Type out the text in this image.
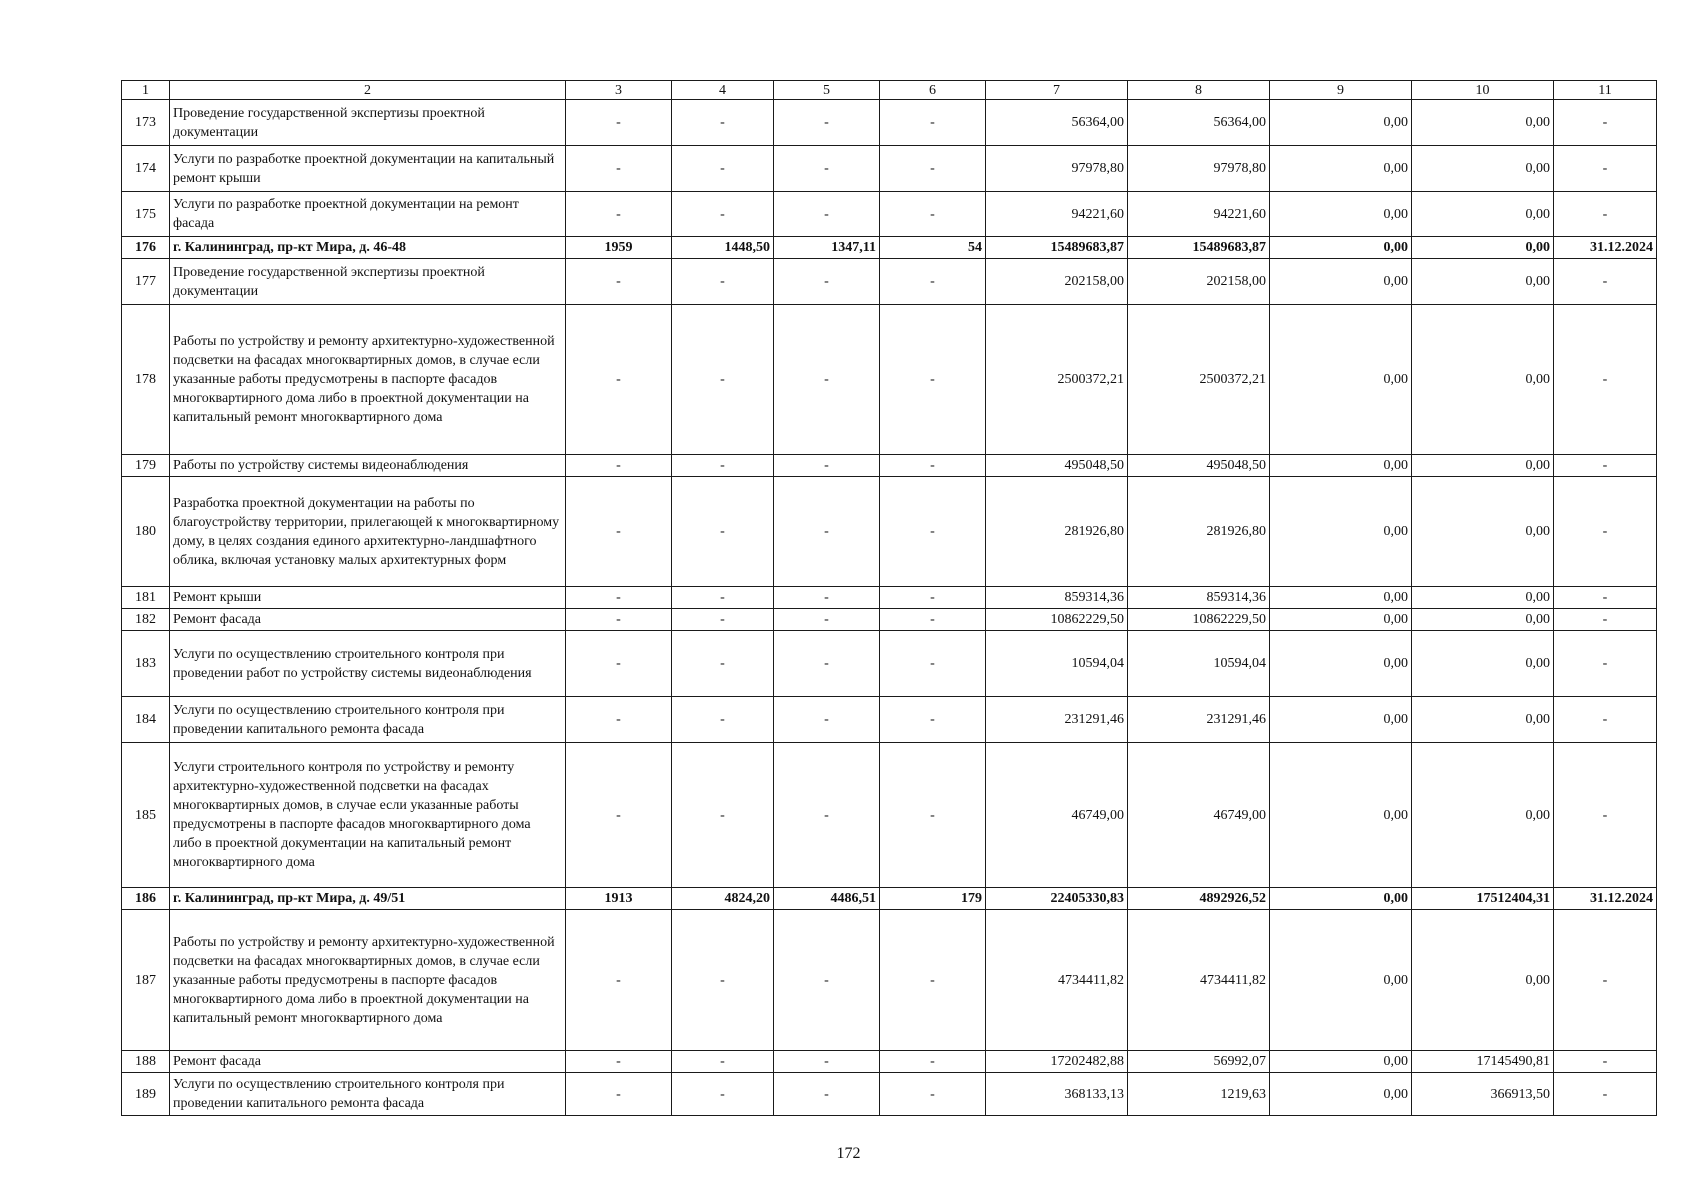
1	2	3	4	5	6	7	8	9	10	11
173	Проведение государственной экспертизы проектной документации	-	-	-	-	56364,00	56364,00	0,00	0,00	-
174	Услуги по разработке проектной документации на капитальный ремонт крыши	-	-	-	-	97978,80	97978,80	0,00	0,00	-
175	Услуги по разработке проектной документации на ремонт фасада	-	-	-	-	94221,60	94221,60	0,00	0,00	-
176	г. Калининград, пр-кт Мира, д. 46-48	1959	1448,50	1347,11	54	15489683,87	15489683,87	0,00	0,00	31.12.2024
177	Проведение государственной экспертизы проектной документации	-	-	-	-	202158,00	202158,00	0,00	0,00	-
178	Работы по устройству и ремонту архитектурно-художественной подсветки на фасадах многоквартирных домов, в случае если указанные работы предусмотрены в паспорте фасадов многоквартирного дома либо в проектной документации на капитальный ремонт многоквартирного дома	-	-	-	-	2500372,21	2500372,21	0,00	0,00	-
179	Работы по устройству системы видеонаблюдения	-	-	-	-	495048,50	495048,50	0,00	0,00	-
180	Разработка проектной документации на работы по благоустройству территории, прилегающей к многоквартирному дому, в целях создания единого архитектурно-ландшафтного облика, включая установку малых архитектурных форм	-	-	-	-	281926,80	281926,80	0,00	0,00	-
181	Ремонт крыши	-	-	-	-	859314,36	859314,36	0,00	0,00	-
182	Ремонт фасада	-	-	-	-	10862229,50	10862229,50	0,00	0,00	-
183	Услуги по осуществлению строительного контроля при проведении работ по устройству системы видеонаблюдения	-	-	-	-	10594,04	10594,04	0,00	0,00	-
184	Услуги по осуществлению строительного контроля при проведении капитального ремонта фасада	-	-	-	-	231291,46	231291,46	0,00	0,00	-
185	Услуги строительного контроля по устройству и ремонту архитектурно-художественной подсветки на фасадах многоквартирных домов, в случае если указанные работы предусмотрены в паспорте фасадов многоквартирного дома либо в проектной документации на капитальный ремонт многоквартирного дома	-	-	-	-	46749,00	46749,00	0,00	0,00	-
186	г. Калининград, пр-кт Мира, д. 49/51	1913	4824,20	4486,51	179	22405330,83	4892926,52	0,00	17512404,31	31.12.2024
187	Работы по устройству и ремонту архитектурно-художественной подсветки на фасадах многоквартирных домов, в случае если указанные работы предусмотрены в паспорте фасадов многоквартирного дома либо в проектной документации на капитальный ремонт многоквартирного дома	-	-	-	-	4734411,82	4734411,82	0,00	0,00	-
188	Ремонт фасада	-	-	-	-	17202482,88	56992,07	0,00	17145490,81	-
189	Услуги по осуществлению строительного контроля при проведении капитального ремонта фасада	-	-	-	-	368133,13	1219,63	0,00	366913,50	-
172
